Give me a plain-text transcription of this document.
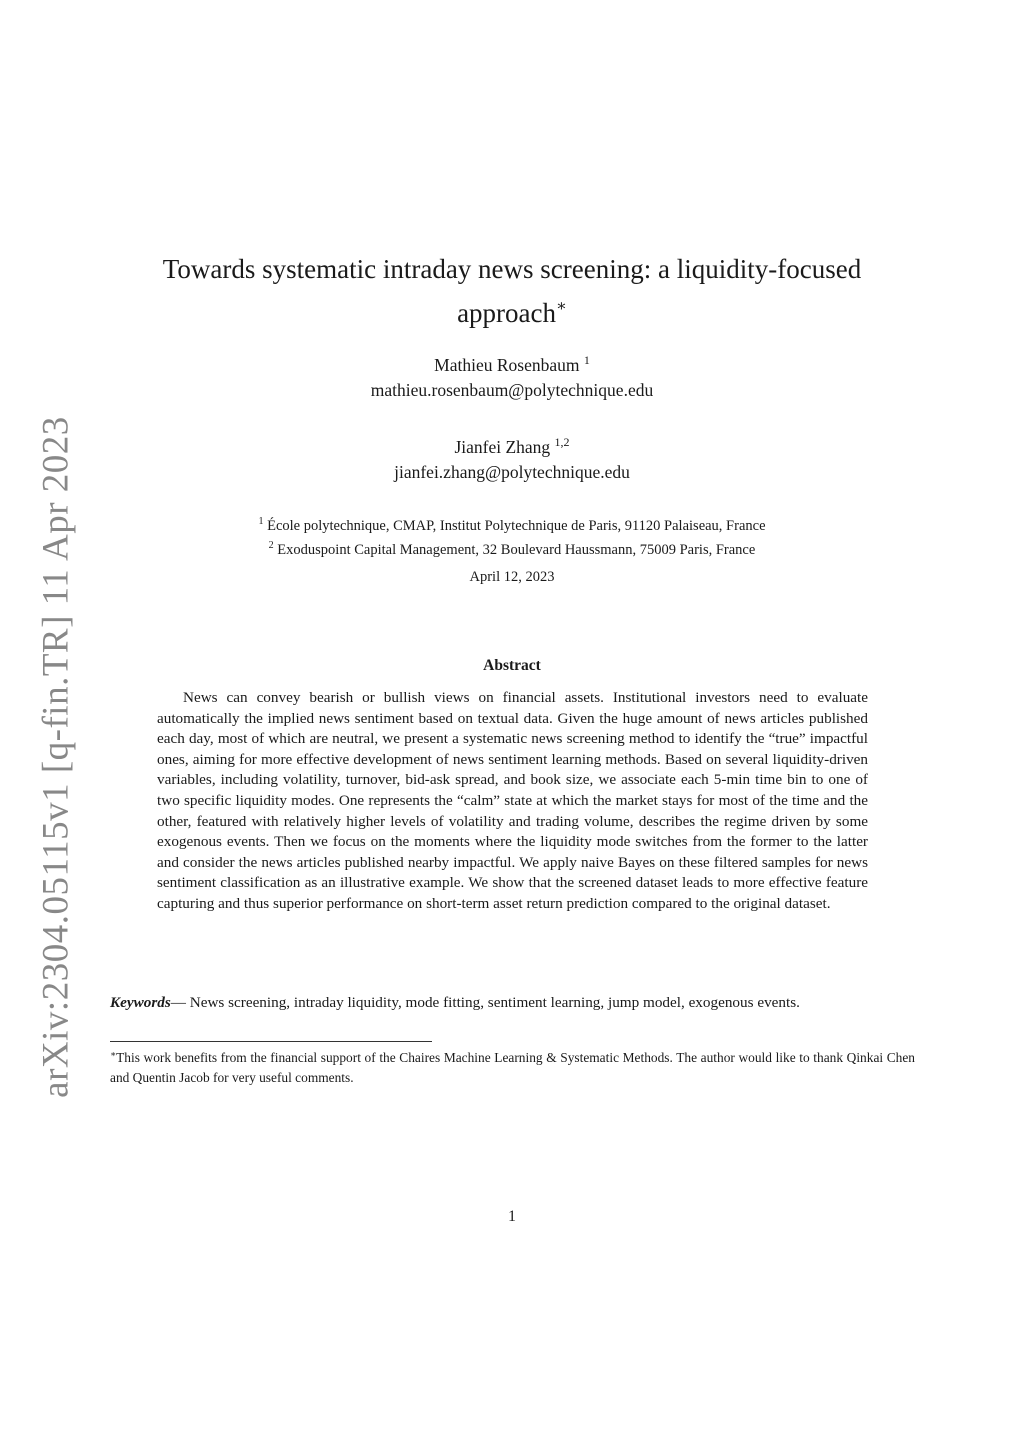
arXiv:2304.05115v1 [q-fin.TR] 11 Apr 2023
Towards systematic intraday news screening: a liquidity-focused
approach∗
Mathieu Rosenbaum $^1$
mathieu.rosenbaum@polytechnique.edu
Jianfei Zhang $^{1,2}$
jianfei.zhang@polytechnique.edu
$^1$ École polytechnique, CMAP, Institut Polytechnique de Paris, 91120 Palaiseau, France
$^2$ Exoduspoint Capital Management, 32 Boulevard Haussmann, 75009 Paris, France
April 12, 2023
Abstract
News can convey bearish or bullish views on financial assets. Institutional investors need to evaluate automatically the implied news sentiment based on textual data. Given the huge amount of news articles published each day, most of which are neutral, we present a systematic news screening method to identify the “true” impactful ones, aiming for more effective development of news sentiment learning methods. Based on several liquidity-driven variables, including volatility, turnover, bid-ask spread, and book size, we associate each 5-min time bin to one of two specific liquidity modes. One represents the “calm” state at which the market stays for most of the time and the other, featured with relatively higher levels of volatility and trading volume, describes the regime driven by some exogenous events. Then we focus on the moments where the liquidity mode switches from the former to the latter and consider the news articles published nearby impactful. We apply naive Bayes on these filtered samples for news sentiment classification as an illustrative example. We show that the screened dataset leads to more effective feature capturing and thus superior performance on short-term asset return prediction compared to the original dataset.
Keywords— News screening, intraday liquidity, mode fitting, sentiment learning, jump model, exogenous events.
∗This work benefits from the financial support of the Chaires Machine Learning & Systematic Methods. The author would like to thank Qinkai Chen and Quentin Jacob for very useful comments.
1
